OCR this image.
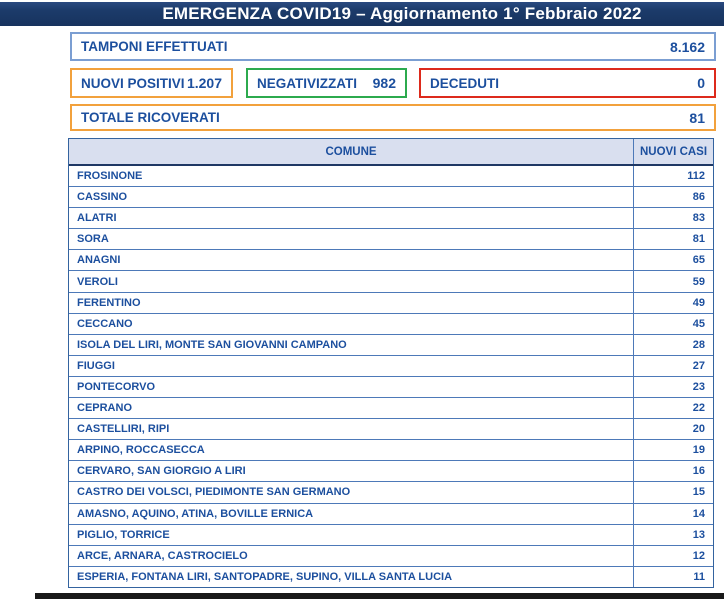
EMERGENZA COVID19 – Aggiornamento 1° Febbraio 2022
TAMPONI EFFETTUATI	8.162
NUOVI POSITIVI 1.207	NEGATIVIZZATI 982	DECEDUTI	0
TOTALE RICOVERATI	81
COMUNE	NUOVI CASI
FROSINONE	112
CASSINO	86
ALATRI	83
SORA	81
ANAGNI	65
VEROLI	59
FERENTINO	49
CECCANO	45
ISOLA DEL LIRI, MONTE SAN GIOVANNI CAMPANO	28
FIUGGI	27
PONTECORVO	23
CEPRANO	22
CASTELLIRI, RIPI	20
ARPINO, ROCCASECCA	19
CERVARO, SAN GIORGIO A LIRI	16
CASTRO DEI VOLSCI, PIEDIMONTE SAN GERMANO	15
AMASNO, AQUINO, ATINA, BOVILLE ERNICA	14
PIGLIO, TORRICE	13
ARCE, ARNARA, CASTROCIELO	12
ESPERIA, FONTANA LIRI, SANTOPADRE, SUPINO, VILLA SANTA LUCIA	11
